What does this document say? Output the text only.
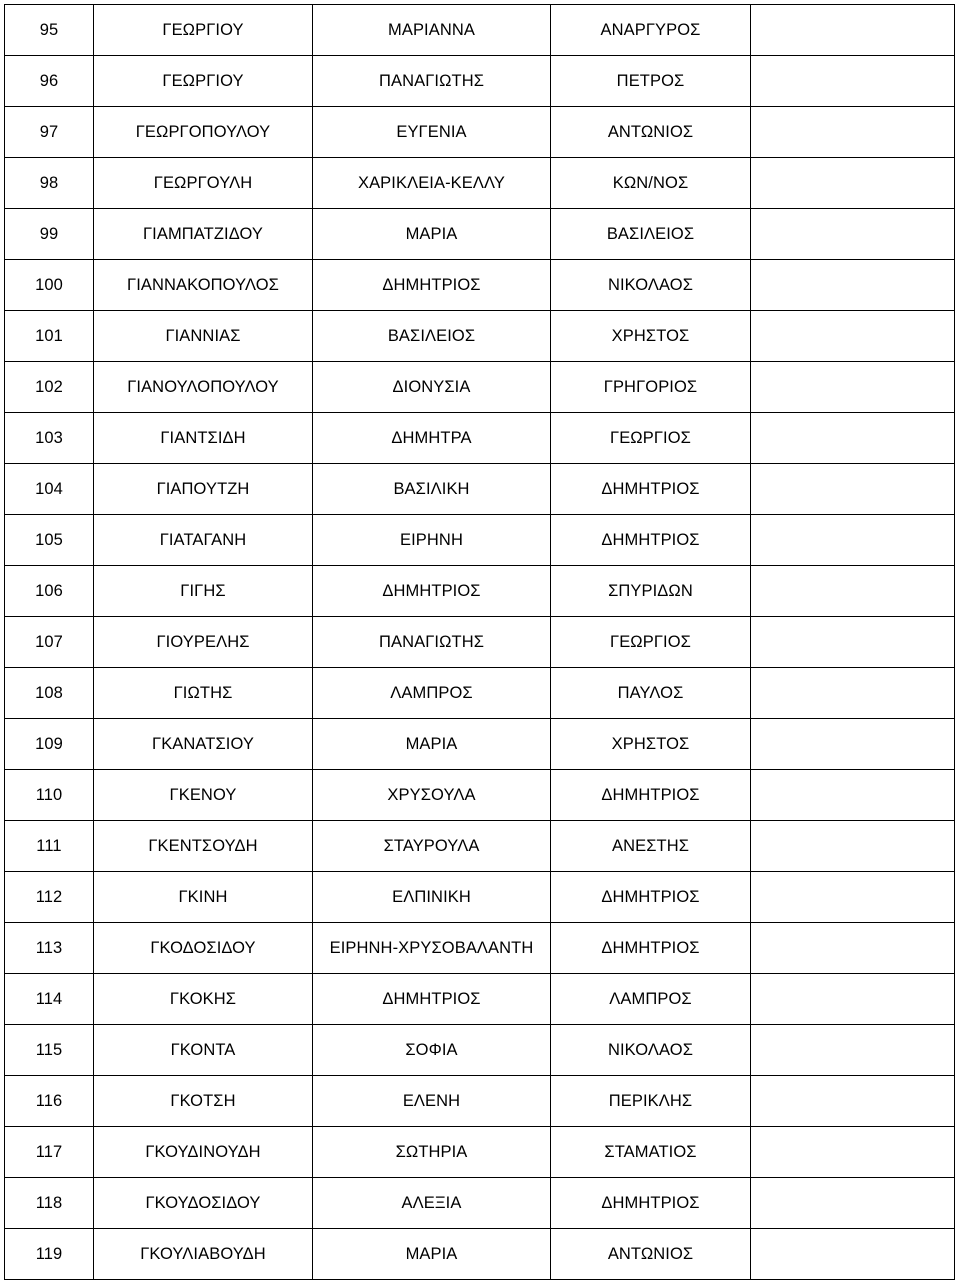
95	ΓΕΩΡΓΙΟΥ	ΜΑΡΙΑΝΝΑ	ΑΝΑΡΓΥΡΟΣ	
96	ΓΕΩΡΓΙΟΥ	ΠΑΝΑΓΙΩΤΗΣ	ΠΕΤΡΟΣ	
97	ΓΕΩΡΓΟΠΟΥΛΟΥ	ΕΥΓΕΝΙΑ	ΑΝΤΩΝΙΟΣ	
98	ΓΕΩΡΓΟΥΛΗ	ΧΑΡΙΚΛΕΙΑ-ΚΕΛΛΥ	ΚΩΝ/ΝΟΣ	
99	ΓΙΑΜΠΑΤΖΙΔΟΥ	ΜΑΡΙΑ	ΒΑΣΙΛΕΙΟΣ	
100	ΓΙΑΝΝΑΚΟΠΟΥΛΟΣ	ΔΗΜΗΤΡΙΟΣ	ΝΙΚΟΛΑΟΣ	
101	ΓΙΑΝΝΙΑΣ	ΒΑΣΙΛΕΙΟΣ	ΧΡΗΣΤΟΣ	
102	ΓΙΑΝΟΥΛΟΠΟΥΛΟΥ	ΔΙΟΝΥΣΙΑ	ΓΡΗΓΟΡΙΟΣ	
103	ΓΙΑΝΤΣΙΔΗ	ΔΗΜΗΤΡΑ	ΓΕΩΡΓΙΟΣ	
104	ΓΙΑΠΟΥΤΖΗ	ΒΑΣΙΛΙΚΗ	ΔΗΜΗΤΡΙΟΣ	
105	ΓΙΑΤΑΓΑΝΗ	ΕΙΡΗΝΗ	ΔΗΜΗΤΡΙΟΣ	
106	ΓΙΓΗΣ	ΔΗΜΗΤΡΙΟΣ	ΣΠΥΡΙΔΩΝ	
107	ΓΙΟΥΡΕΛΗΣ	ΠΑΝΑΓΙΩΤΗΣ	ΓΕΩΡΓΙΟΣ	
108	ΓΙΩΤΗΣ	ΛΑΜΠΡΟΣ	ΠΑΥΛΟΣ	
109	ΓΚΑΝΑΤΣΙΟΥ	ΜΑΡΙΑ	ΧΡΗΣΤΟΣ	
110	ΓΚΕΝΟΥ	ΧΡΥΣΟΥΛΑ	ΔΗΜΗΤΡΙΟΣ	
111	ΓΚΕΝΤΣΟΥΔΗ	ΣΤΑΥΡΟΥΛΑ	ΑΝΕΣΤΗΣ	
112	ΓΚΙΝΗ	ΕΛΠΙΝΙΚΗ	ΔΗΜΗΤΡΙΟΣ	
113	ΓΚΟΔΟΣΙΔΟΥ	ΕΙΡΗΝΗ-ΧΡΥΣΟΒΑΛΑΝΤΗ	ΔΗΜΗΤΡΙΟΣ	
114	ΓΚΟΚΗΣ	ΔΗΜΗΤΡΙΟΣ	ΛΑΜΠΡΟΣ	
115	ΓΚΟΝΤΑ	ΣΟΦΙΑ	ΝΙΚΟΛΑΟΣ	
116	ΓΚΟΤΣΗ	ΕΛΕΝΗ	ΠΕΡΙΚΛΗΣ	
117	ΓΚΟΥΔΙΝΟΥΔΗ	ΣΩΤΗΡΙΑ	ΣΤΑΜΑΤΙΟΣ	
118	ΓΚΟΥΔΟΣΙΔΟΥ	ΑΛΕΞΙΑ	ΔΗΜΗΤΡΙΟΣ	
119	ΓΚΟΥΛΙΑΒΟΥΔΗ	ΜΑΡΙΑ	ΑΝΤΩΝΙΟΣ	
